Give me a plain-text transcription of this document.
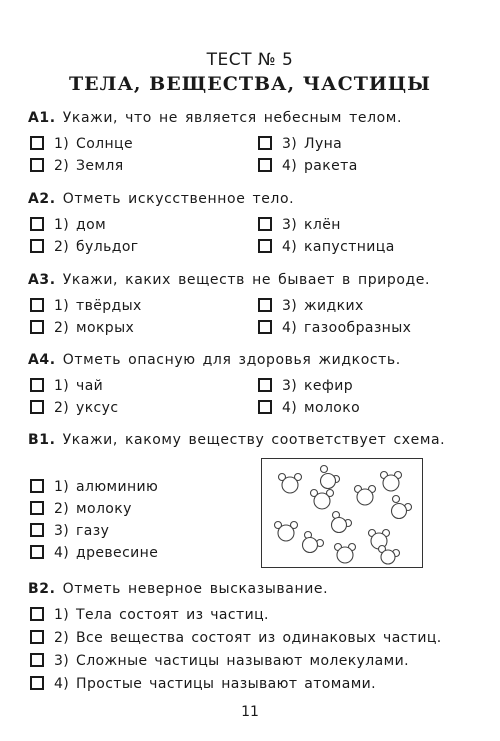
ТЕСТ № 5
ТЕЛА, ВЕЩЕСТВА, ЧАСТИЦЫ
А1. Укажи, что не является небесным телом.
1) Солнце
2) Земля
3) Луна
4) ракета
А2. Отметь искусственное тело.
1) дом
2) бульдог
3) клён
4) капустница
А3. Укажи, каких веществ не бывает в природе.
1) твёрдых
2) мокрых
3) жидких
4) газообразных
А4. Отметь опасную для здоровья жидкость.
1) чай
2) уксус
3) кефир
4) молоко
В1. Укажи, какому веществу соответствует схема.
1) алюминию
2) молоку
3) газу
4) древесине
В2. Отметь неверное высказывание.
1) Тела состоят из частиц.
2) Все вещества состоят из одинаковых частиц.
3) Сложные частицы называют молекулами.
4) Простые частицы называют атомами.
11
